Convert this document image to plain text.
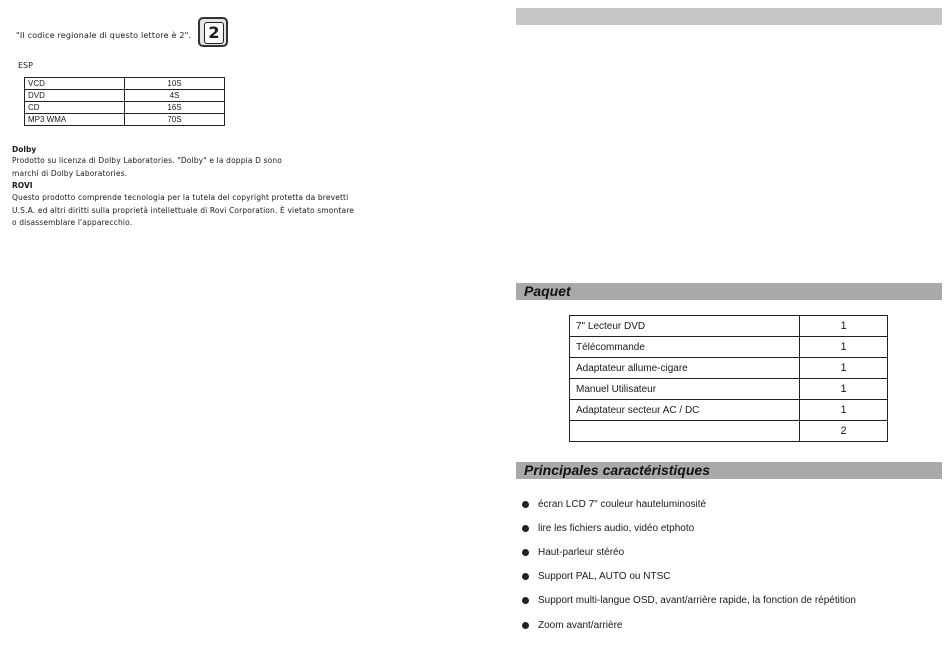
"Il codice regionale di questo lettore è 2". 2
ESP
VCD	10S
DVD	4S
CD	16S
MP3 WMA	70S
Dolby
Prodotto su licenza di Dolby Laboratories. "Dolby" e la doppia D sono
marchi di Dolby Laboratories.
ROVI
Questo prodotto comprende tecnologia per la tutela del copyright protetta da brevetti
U.S.A. ed altri diritti sulla proprietà intellettuale di Rovi Corporation. È vietato smontare
o disassemblare l'apparecchio.
Paquet
7" Lecteur DVD	1
Télécommande	1
Adaptateur allume-cigare	1
Manuel Utilisateur	1
Adaptateur secteur AC / DC	1
	2
Principales caractéristiques
écran LCD 7" couleur hauteluminosité
lire les fichiers audio, vidéo etphoto
Haut-parleur stéréo
Support PAL, AUTO ou NTSC
Support multi-langue OSD, avant/arrière rapide, la fonction de répétition
Zoom avant/arrière
